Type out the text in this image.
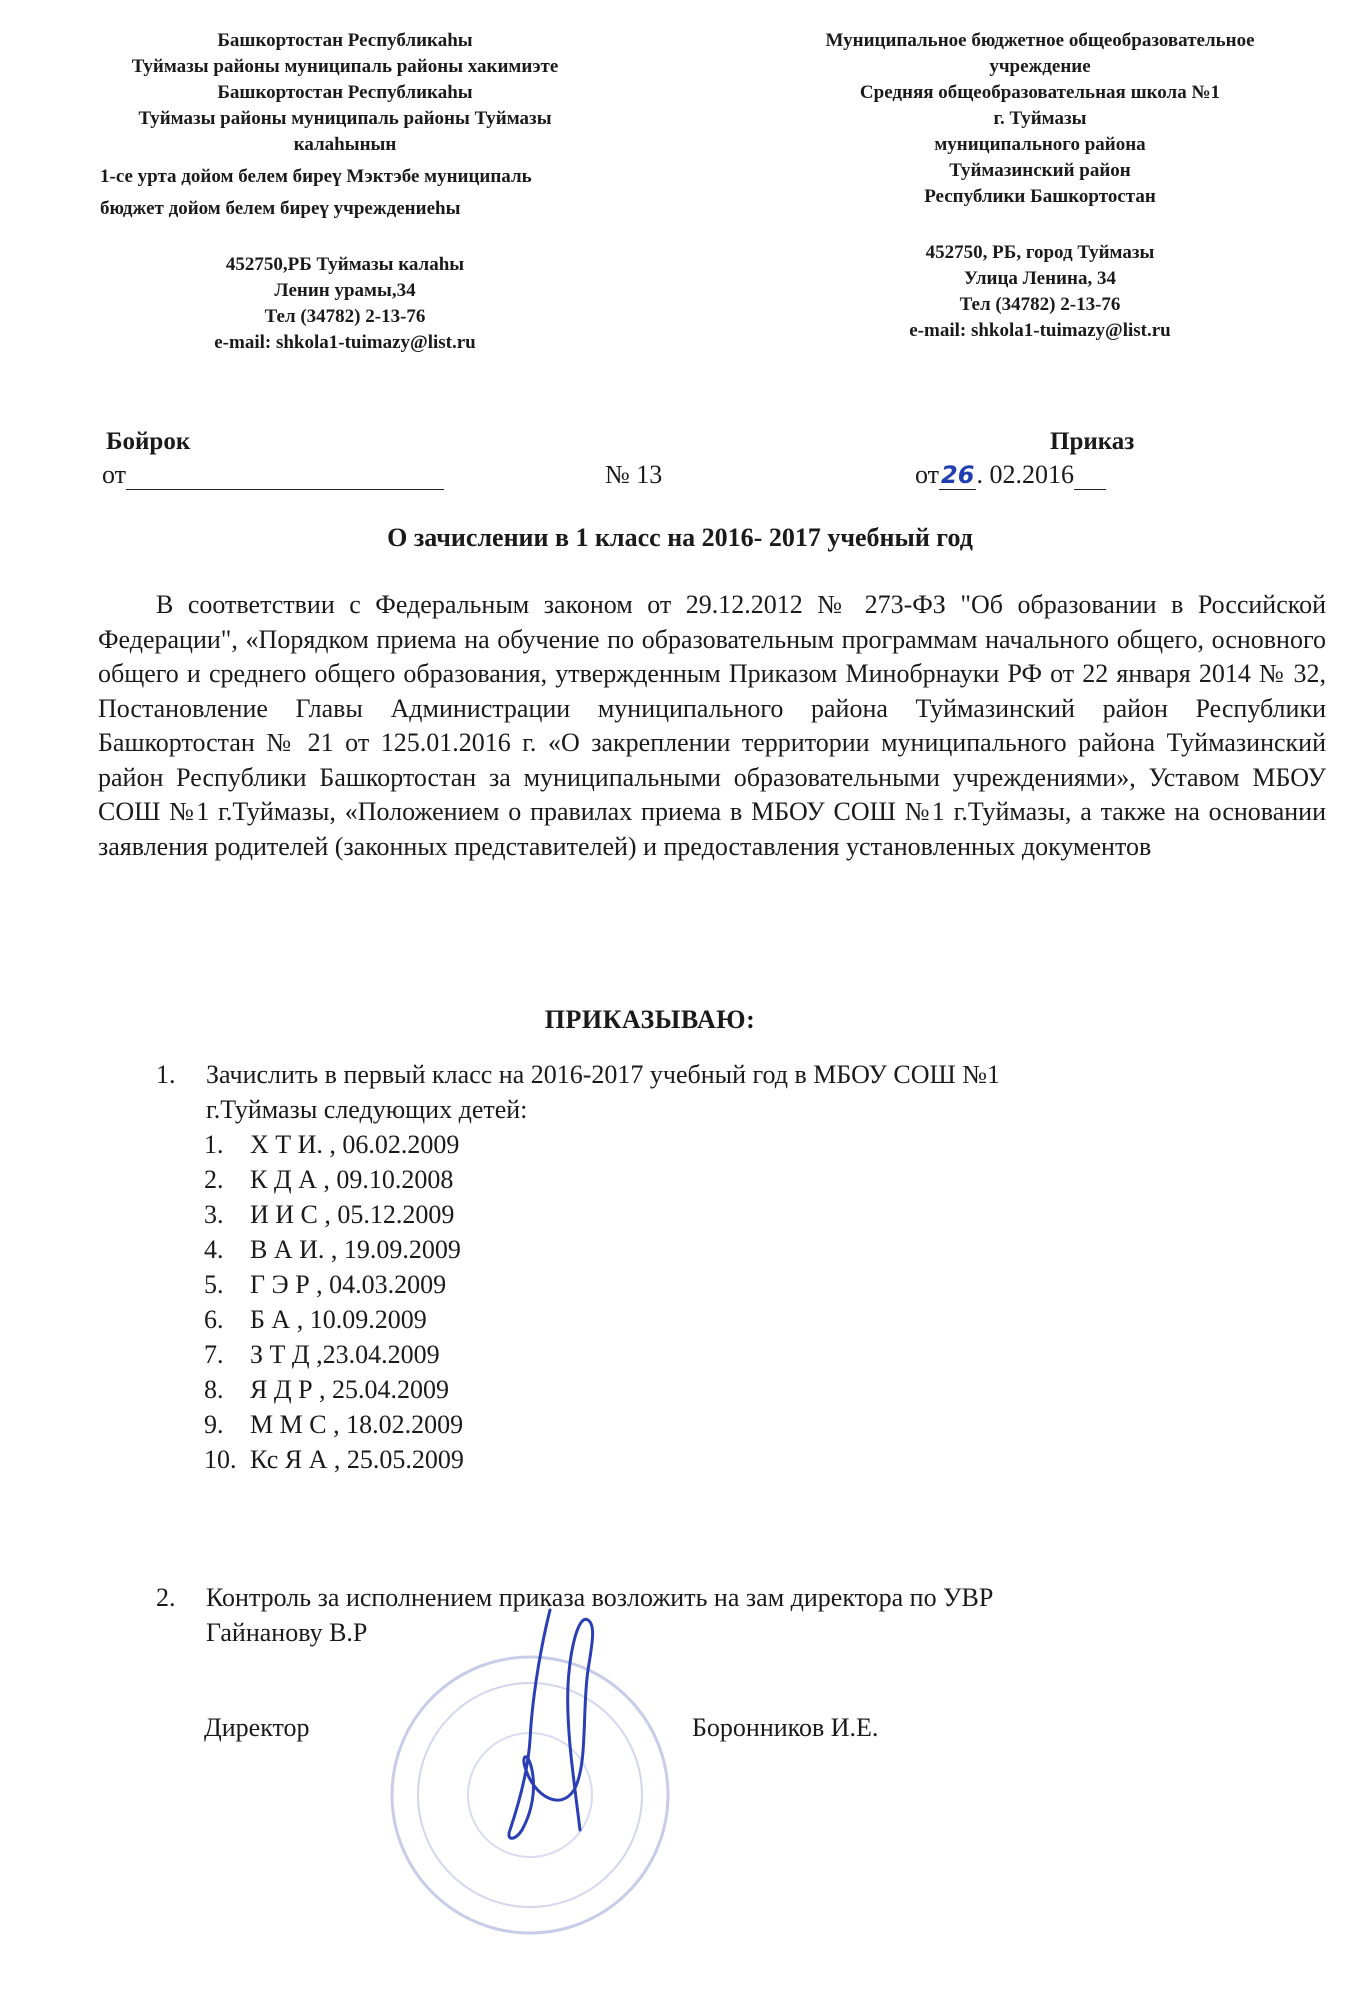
Башкортостан Республикаһы
Туймазы районы муниципаль районы хакимиэте
Башкортостан Республикаһы
Туймазы районы муниципаль районы Туймазы
калаһынын
1-се урта дойом белем биреү Мэктэбе муниципаль
бюджет дойом белем биреү учреждениеһы
452750,РБ Туймазы калаһы
Ленин урамы,34
Тел (34782) 2-13-76
e-mail: shkola1-tuimazy@list.ru
Муниципальное бюджетное общеобразовательное
учреждение
Средняя общеобразовательная школа №1
г. Туймазы
муниципального района
Туймазинский район
Республики Башкортостан
452750, РБ, город Туймазы
Улица Ленина, 34
Тел (34782) 2-13-76
e-mail: shkola1-tuimazy@list.ru
Бойрок	Приказ
от	№ 13	от26. 02.2016
О зачислении в 1 класс на 2016- 2017 учебный год

В соответствии с Федеральным законом от 29.12.2012 № 273-ФЗ "Об образовании в Российской Федерации", «Порядком приема на обучение по образовательным программам начального общего, основного общего и среднего общего образования, утвержденным Приказом Минобрнауки РФ от 22 января 2014 № 32, Постановление Главы Администрации муниципального района Туймазинский район Республики Башкортостан № 21 от 125.01.2016 г. «О закреплении территории муниципального района Туймазинский район Республики Башкортостан за муниципальными образовательными учреждениями», Уставом МБОУ СОШ №1 г.Туймазы, «Положением о правилах приема в МБОУ СОШ №1 г.Туймазы, а также на основании заявления родителей (законных представителей) и предоставления установленных документов

ПРИКАЗЫВАЮ:
1.	Зачислить в первый класс на 2016-2017 учебный год в МБОУ СОШ №1
г.Туймазы следующих детей:
1. Х Т И. , 06.02.2009
2. К Д А , 09.10.2008
3. И И С , 05.12.2009
4. В А И. , 19.09.2009
5. Г Э Р , 04.03.2009
6. Б А , 10.09.2009
7. З Т Д ,23.04.2009
8. Я Д Р , 25.04.2009
9. М М С , 18.02.2009
10. Кс Я А , 25.05.2009
2.	Контроль за исполнением приказа возложить на зам директора по УВР
Гайнанову В.Р
Директор	Боронников И.Е.
